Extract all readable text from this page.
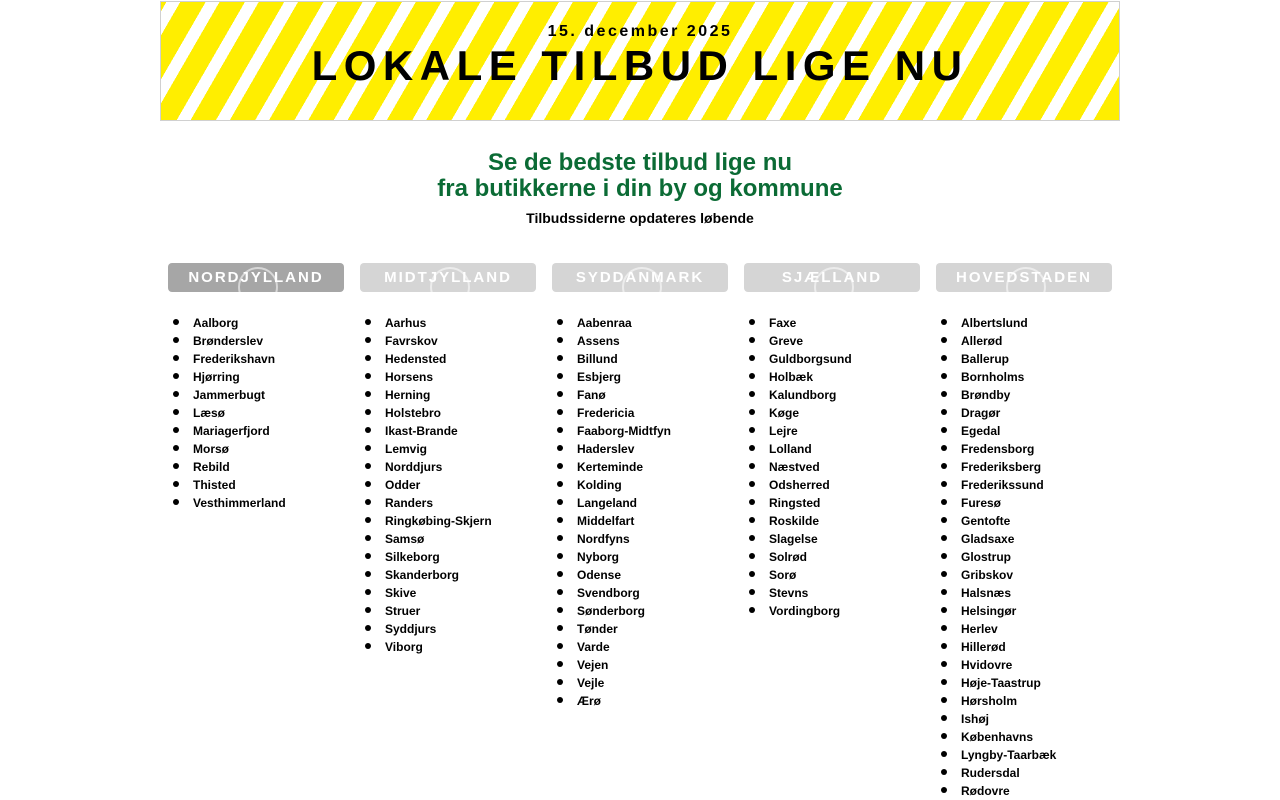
15. december 2025
LOKALE TILBUD LIGE NU
Se de bedste tilbud lige nu
fra butikkerne i din by og kommune
Tilbudssiderne opdateres løbende
NORDJYLLAND
Aalborg
Brønderslev
Frederikshavn
Hjørring
Jammerbugt
Læsø
Mariagerfjord
Morsø
Rebild
Thisted
Vesthimmerland
MIDTJYLLAND
Aarhus
Favrskov
Hedensted
Horsens
Herning
Holstebro
Ikast-Brande
Lemvig
Norddjurs
Odder
Randers
Ringkøbing-Skjern
Samsø
Silkeborg
Skanderborg
Skive
Struer
Syddjurs
Viborg
SYDDANMARK
Aabenraa
Assens
Billund
Esbjerg
Fanø
Fredericia
Faaborg-Midtfyn
Haderslev
Kerteminde
Kolding
Langeland
Middelfart
Nordfyns
Nyborg
Odense
Svendborg
Sønderborg
Tønder
Varde
Vejen
Vejle
Ærø
SJÆLLAND
Faxe
Greve
Guldborgsund
Holbæk
Kalundborg
Køge
Lejre
Lolland
Næstved
Odsherred
Ringsted
Roskilde
Slagelse
Solrød
Sorø
Stevns
Vordingborg
HOVEDSTADEN
Albertslund
Allerød
Ballerup
Bornholms
Brøndby
Dragør
Egedal
Fredensborg
Frederiksberg
Frederikssund
Furesø
Gentofte
Gladsaxe
Glostrup
Gribskov
Halsnæs
Helsingør
Herlev
Hillerød
Hvidovre
Høje-Taastrup
Hørsholm
Ishøj
Københavns
Lyngby-Taarbæk
Rudersdal
Rødovre
